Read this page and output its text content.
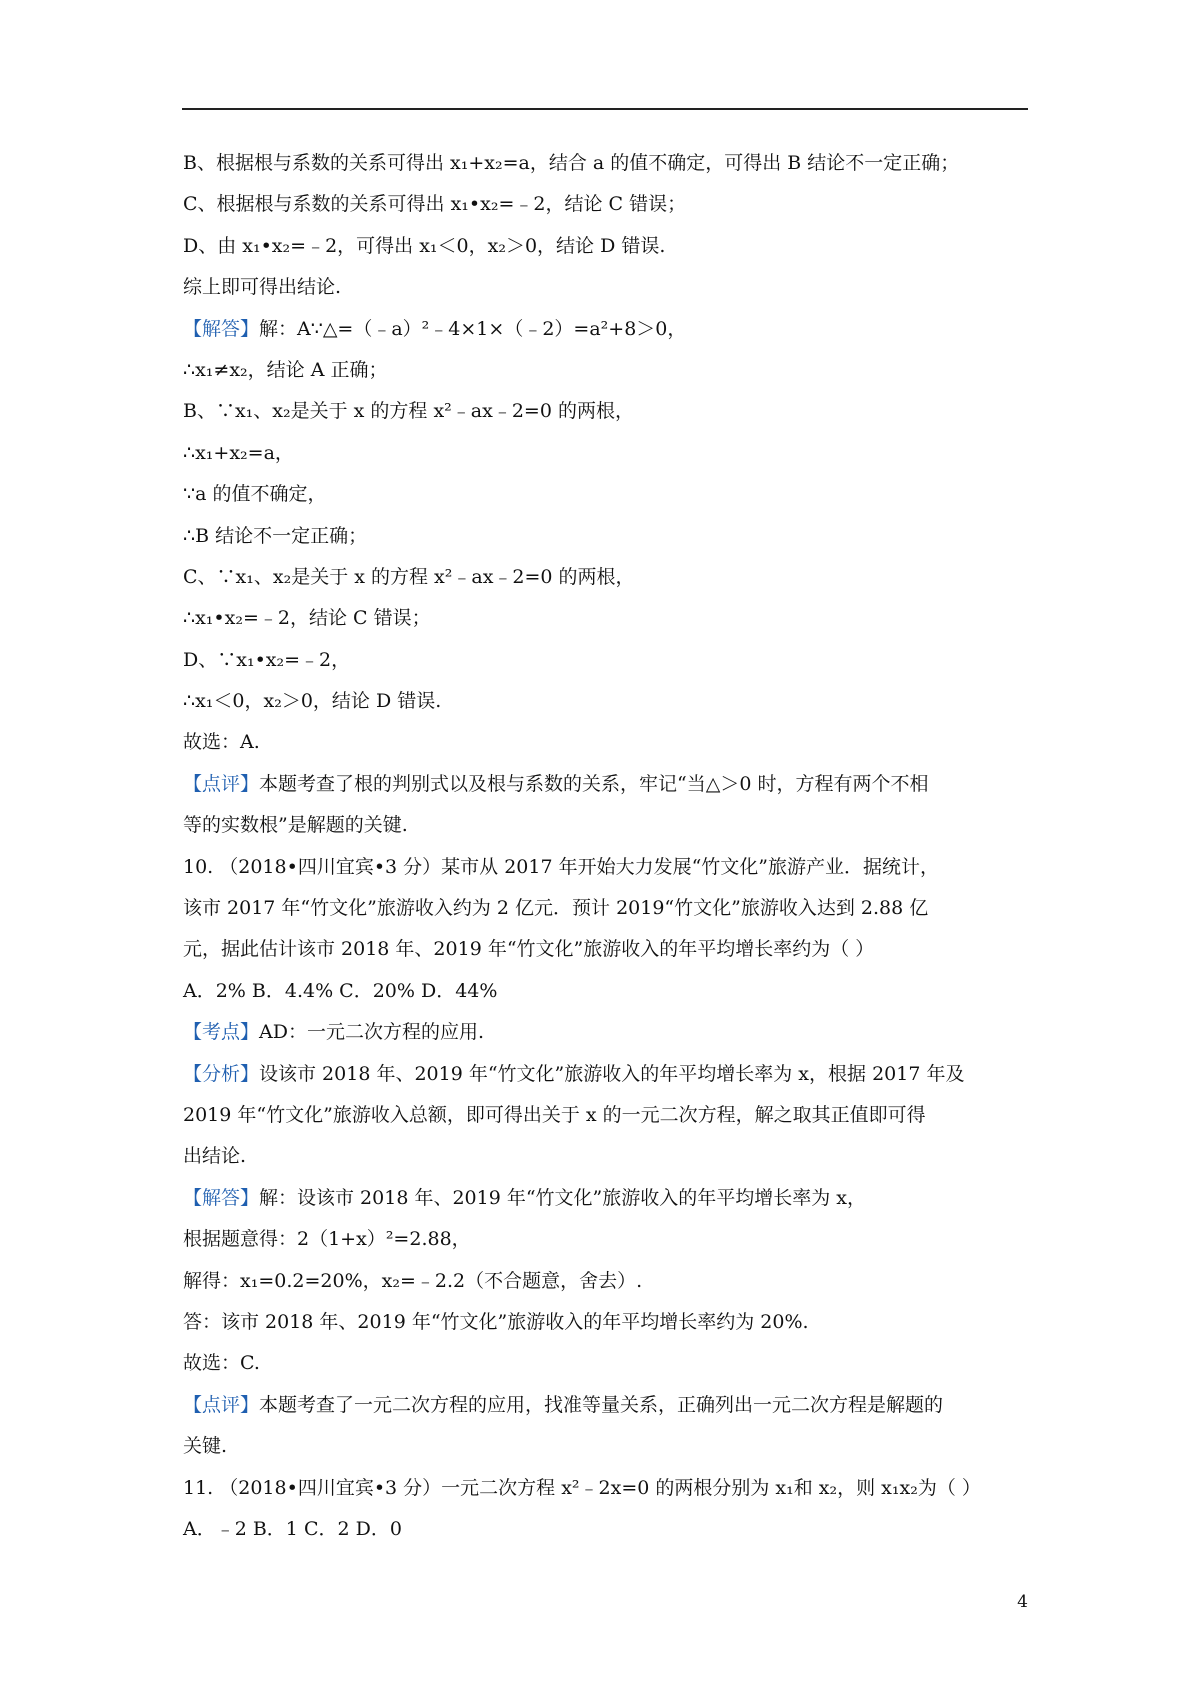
B、根据根与系数的关系可得出 x₁+x₂=a，结合 a 的值不确定，可得出 B 结论不一定正确；
C、根据根与系数的关系可得出 x₁•x₂=﹣2，结论 C 错误；
D、由 x₁•x₂=﹣2，可得出 x₁＜0，x₂＞0，结论 D 错误.
综上即可得出结论.
【解答】解：A∵△=（﹣a）²﹣4×1×（﹣2）=a²+8＞0，
∴x₁≠x₂，结论 A 正确；
B、∵x₁、x₂是关于 x 的方程 x²﹣ax﹣2=0 的两根，
∴x₁+x₂=a，
∵a 的值不确定，
∴B 结论不一定正确；
C、∵x₁、x₂是关于 x 的方程 x²﹣ax﹣2=0 的两根，
∴x₁•x₂=﹣2，结论 C 错误；
D、∵x₁•x₂=﹣2，
∴x₁＜0，x₂＞0，结论 D 错误.
故选：A.
【点评】本题考查了根的判别式以及根与系数的关系，牢记“当△＞0 时，方程有两个不相
等的实数根”是解题的关键.
10. （2018•四川宜宾•3 分）某市从 2017 年开始大力发展“竹文化”旅游产业．据统计，
该市 2017 年“竹文化”旅游收入约为 2 亿元．预计 2019“竹文化”旅游收入达到 2.88 亿
元，据此估计该市 2018 年、2019 年“竹文化”旅游收入的年平均增长率约为（ ）
A．2% B．4.4% C．20% D．44%
【考点】AD：一元二次方程的应用.
【分析】设该市 2018 年、2019 年“竹文化”旅游收入的年平均增长率为 x，根据 2017 年及
2019 年“竹文化”旅游收入总额，即可得出关于 x 的一元二次方程，解之取其正值即可得
出结论.
【解答】解：设该市 2018 年、2019 年“竹文化”旅游收入的年平均增长率为 x，
根据题意得：2（1+x）²=2.88，
解得：x₁=0.2=20%，x₂=﹣2.2（不合题意，舍去）.
答：该市 2018 年、2019 年“竹文化”旅游收入的年平均增长率约为 20%.
故选：C.
【点评】本题考查了一元二次方程的应用，找准等量关系，正确列出一元二次方程是解题的
关键.
11. （2018•四川宜宾•3 分）一元二次方程 x²﹣2x=0 的两根分别为 x₁和 x₂，则 x₁x₂为（ ）
A．﹣2 B．1 C．2 D．0
4
